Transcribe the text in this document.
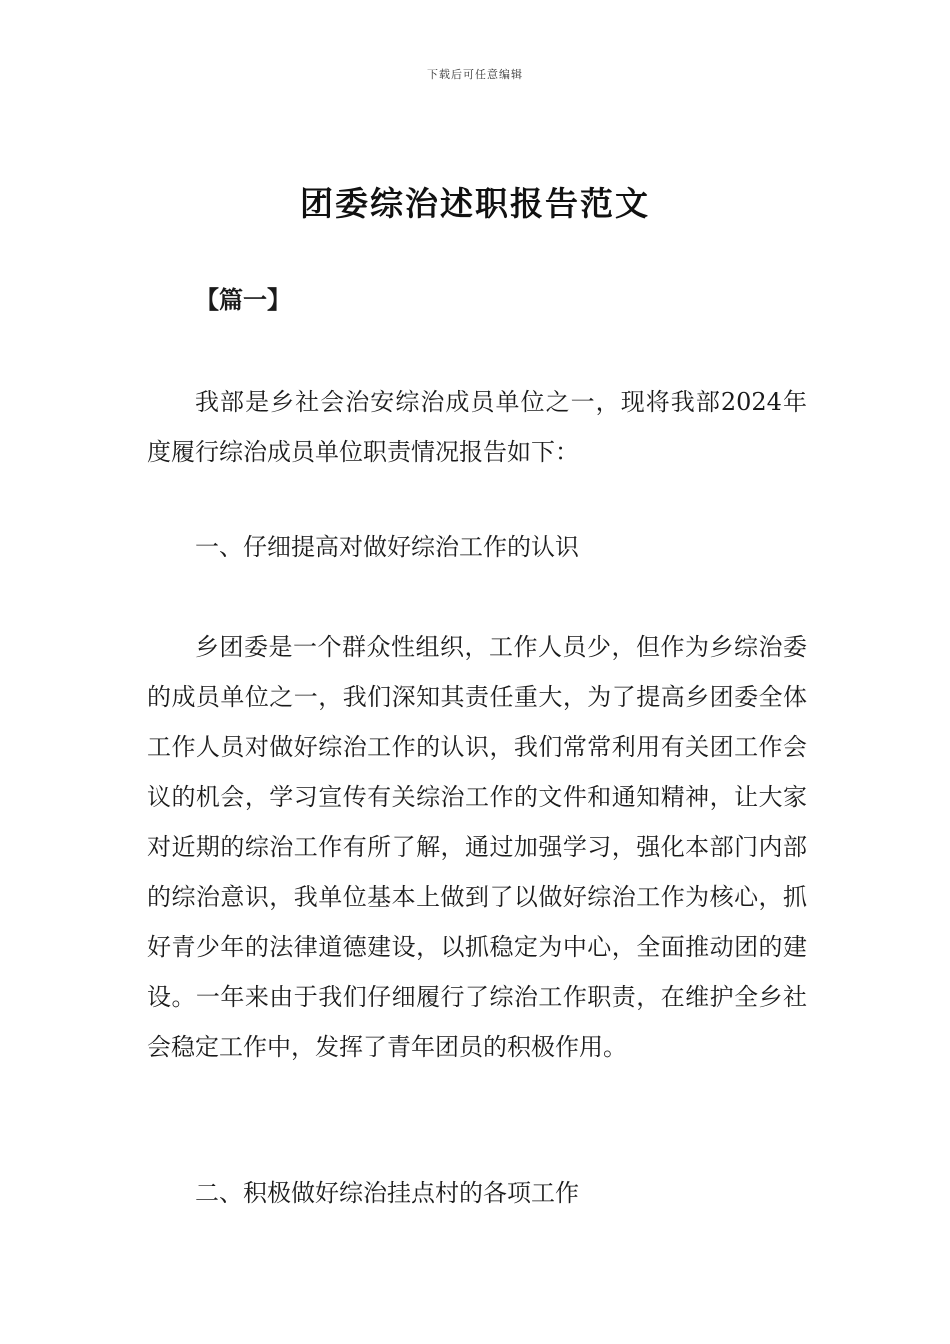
下载后可任意编辑
团委综治述职报告范文
【篇一】

我部是乡社会治安综治成员单位之一，现将我部2024年度履行综治成员单位职责情况报告如下：

一、仔细提高对做好综治工作的认识

乡团委是一个群众性组织，工作人员少，但作为乡综治委的成员单位之一，我们深知其责任重大，为了提高乡团委全体工作人员对做好综治工作的认识，我们常常利用有关团工作会议的机会，学习宣传有关综治工作的文件和通知精神，让大家对近期的综治工作有所了解，通过加强学习，强化本部门内部的综治意识，我单位基本上做到了以做好综治工作为核心，抓好青少年的法律道德建设，以抓稳定为中心，全面推动团的建设。一年来由于我们仔细履行了综治工作职责，在维护全乡社会稳定工作中，发挥了青年团员的积极作用。

二、积极做好综治挂点村的各项工作
